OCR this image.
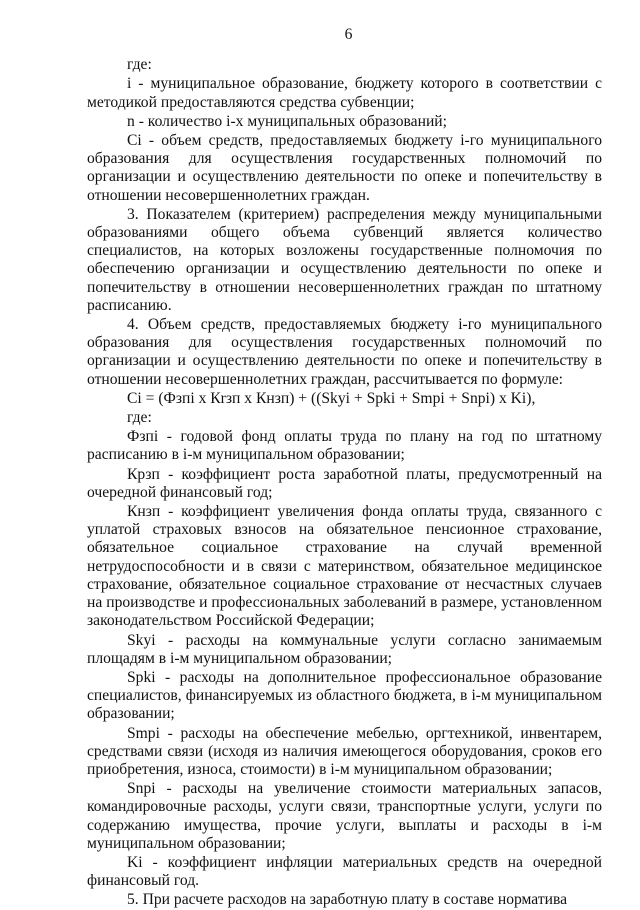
6

где:

i - муниципальное образование, бюджету которого в соответствии с методикой предоставляются средства субвенции;

n - количество i-х муниципальных образований;

Ci - объем средств, предоставляемых бюджету i-го муниципального образования для осуществления государственных полномочий по организации и осуществлению деятельности по опеке и попечительству в отношении несовершеннолетних граждан.

3. Показателем (критерием) распределения между муниципальными образованиями общего объема субвенций является количество специалистов, на которых возложены государственные полномочия по обеспечению организации и осуществлению деятельности по опеке и попечительству в отношении несовершеннолетних граждан по штатному расписанию.

4. Объем средств, предоставляемых бюджету i-го муниципального образования для осуществления государственных полномочий по организации и осуществлению деятельности по опеке и попечительству в отношении несовершеннолетних граждан, рассчитывается по формуле:

Ci = (Фзпi x Кrзп x Кнзп) + ((Skyi + Spki + Smpi + Snpi) x Ki),

где:

Фзпi - годовой фонд оплаты труда по плану на год по штатному расписанию в i-м муниципальном образовании;

Крзп - коэффициент роста заработной платы, предусмотренный на очередной финансовый год;

Кнзп - коэффициент увеличения фонда оплаты труда, связанного с уплатой страховых взносов на обязательное пенсионное страхование, обязательное социальное страхование на случай временной нетрудоспособности и в связи с материнством, обязательное медицинское страхование, обязательное социальное страхование от несчастных случаев на производстве и профессиональных заболеваний в размере, установленном законодательством Российской Федерации;

Skyi - расходы на коммунальные услуги согласно занимаемым площадям в i-м муниципальном образовании;

Spki - расходы на дополнительное профессиональное образование специалистов, финансируемых из областного бюджета, в i-м муниципальном образовании;

Smpi - расходы на обеспечение мебелью, оргтехникой, инвентарем, средствами связи (исходя из наличия имеющегося оборудования, сроков его приобретения, износа, стоимости) в i-м муниципальном образовании;

Snpi - расходы на увеличение стоимости материальных запасов, командировочные расходы, услуги связи, транспортные услуги, услуги по содержанию имущества, прочие услуги, выплаты и расходы в i-м муниципальном образовании;

Ki - коэффициент инфляции материальных средств на очередной финансовый год.

5. При расчете расходов на заработную плату в составе норматива
